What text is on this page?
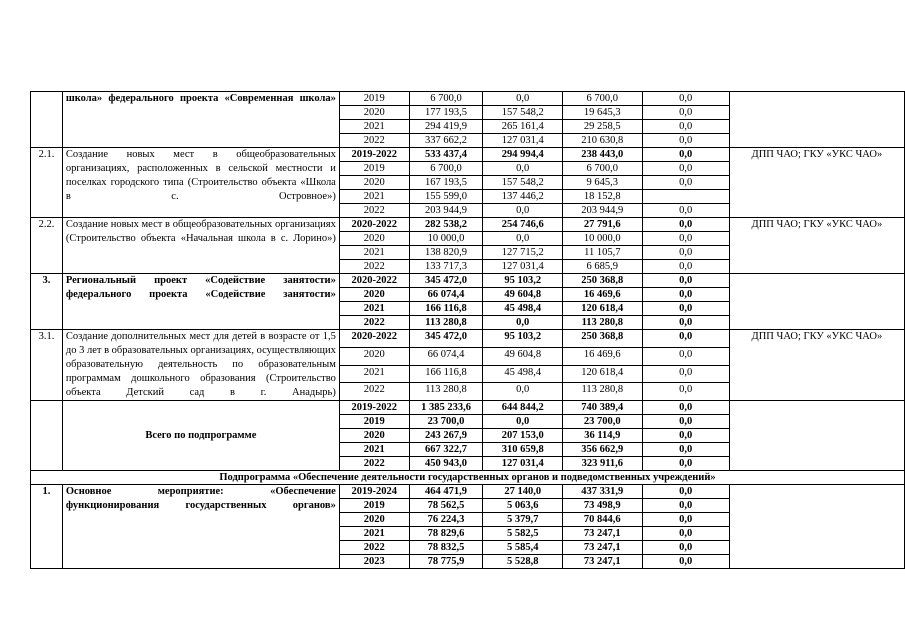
	школа» федерального проекта «Современная школа»	2019	6 700,0	0,0	6 700,0	0,0	
		2020	177 193,5	157 548,2	19 645,3	0,0	
		2021	294 419,9	265 161,4	29 258,5	0,0	
		2022	337 662,2	127 031,4	210 630,8	0,0	
2.1.	Создание новых мест в общеобразовательных организациях, расположенных в сельской местности и поселках городского типа (Строительство объекта «Школа в с. Островное»)	2019-2022	533 437,4	294 994,4	238 443,0	0,0	ДПП ЧАО; ГКУ «УКС ЧАО»
		2019	6 700,0	0,0	6 700,0	0,0	
		2020	167 193,5	157 548,2	9 645,3	0,0	
		2021	155 599,0	137 446,2	18 152,8		
		2022	203 944,9	0,0	203 944,9	0,0	
2.2.	Создание новых мест в общеобразовательных организациях (Строительство объекта «Начальная школа в с. Лорино»)	2020-2022	282 538,2	254 746,6	27 791,6	0,0	ДПП ЧАО; ГКУ «УКС ЧАО»
		2020	10 000,0	0,0	10 000,0	0,0	
		2021	138 820,9	127 715,2	11 105,7	0,0	
		2022	133 717,3	127 031,4	6 685,9	0,0	
3.	Региональный проект «Содействие занятости» федерального проекта «Содействие занятости»	2020-2022	345 472,0	95 103,2	250 368,8	0,0	
		2020	66 074,4	49 604,8	16 469,6	0,0	
		2021	166 116,8	45 498,4	120 618,4	0,0	
		2022	113 280,8	0,0	113 280,8	0,0	
3.1.	Создание дополнительных мест для детей в возрасте от 1,5 до 3 лет в образовательных организациях, осуществляющих образовательную деятельность по образовательным программам дошкольного образования (Строительство объекта Детский сад в г. Анадырь)	2020-2022	345 472,0	95 103,2	250 368,8	0,0	ДПП ЧАО; ГКУ «УКС ЧАО»
		2020	66 074,4	49 604,8	16 469,6	0,0	
		2021	166 116,8	45 498,4	120 618,4	0,0	
		2022	113 280,8	0,0	113 280,8	0,0	
	Всего по подпрограмме	2019-2022	1 385 233,6	644 844,2	740 389,4	0,0	
		2019	23 700,0	0,0	23 700,0	0,0	
		2020	243 267,9	207 153,0	36 114,9	0,0	
		2021	667 322,7	310 659,8	356 662,9	0,0	
		2022	450 943,0	127 031,4	323 911,6	0,0	
Подпрограмма «Обеспечение деятельности государственных органов и подведомственных учреждений»							
1.	Основное мероприятие: «Обеспечение функционирования государственных органов»	2019-2024	464 471,9	27 140,0	437 331,9	0,0	
		2019	78 562,5	5 063,6	73 498,9	0,0	
		2020	76 224,3	5 379,7	70 844,6	0,0	
		2021	78 829,6	5 582,5	73 247,1	0,0	
		2022	78 832,5	5 585,4	73 247,1	0,0	
		2023	78 775,9	5 528,8	73 247,1	0,0	
